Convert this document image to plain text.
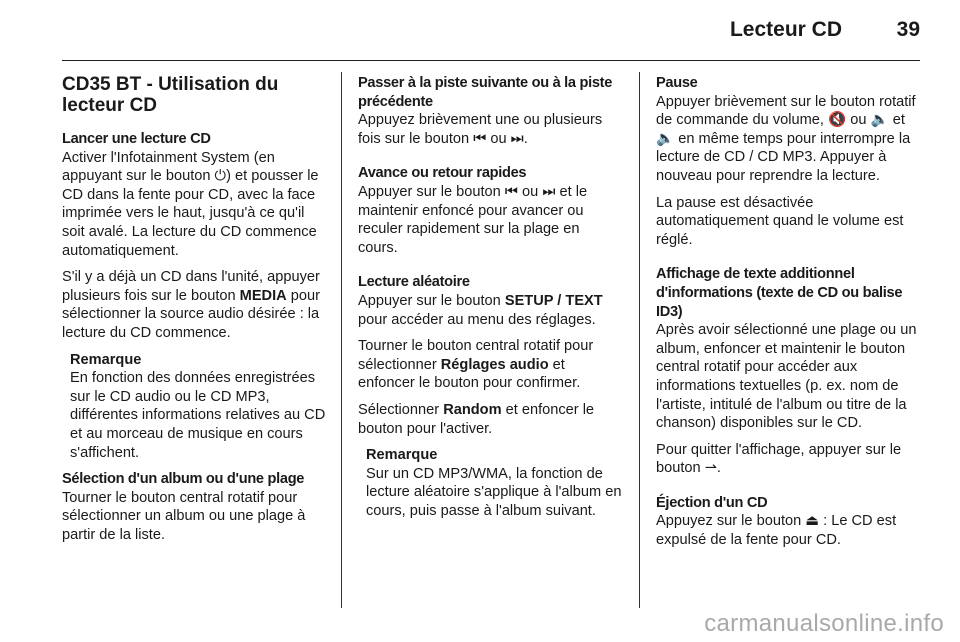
Lecteur CD	39
CD35 BT - Utilisation du lecteur CD
Lancer une lecture CD
Activer l'Infotainment System (en appuyant sur le bouton ⏻) et pousser le CD dans la fente pour CD, avec la face imprimée vers le haut, jusqu'à ce qu'il soit avalé. La lecture du CD commence automatiquement.
S'il y a déjà un CD dans l'unité, appuyer plusieurs fois sur le bouton MEDIA pour sélectionner la source audio désirée : la lecture du CD commence.
Remarque
En fonction des données enregistrées sur le CD audio ou le CD MP3, différentes informations relatives au CD et au morceau de musique en cours s'affichent.
Sélection d'un album ou d'une plage
Tourner le bouton central rotatif pour sélectionner un album ou une plage à partir de la liste.
Passer à la piste suivante ou à la piste précédente
Appuyez brièvement une ou plusieurs fois sur le bouton ⏮ ou ⏭.
Avance ou retour rapides
Appuyer sur le bouton ⏮ ou ⏭ et le maintenir enfoncé pour avancer ou reculer rapidement sur la plage en cours.
Lecture aléatoire
Appuyer sur le bouton SETUP / TEXT pour accéder au menu des réglages.
Tourner le bouton central rotatif pour sélectionner Réglages audio et enfoncer le bouton pour confirmer.
Sélectionner Random et enfoncer le bouton pour l'activer.
Remarque
Sur un CD MP3/WMA, la fonction de lecture aléatoire s'applique à l'album en cours, puis passe à l'album suivant.
Pause
Appuyer brièvement sur le bouton rotatif de commande du volume, 🔇 ou 🔈 et 🔈 en même temps pour interrompre la lecture de CD / CD MP3. Appuyer à nouveau pour reprendre la lecture.
La pause est désactivée automatiquement quand le volume est réglé.
Affichage de texte additionnel d'informations (texte de CD ou balise ID3)
Après avoir sélectionné une plage ou un album, enfoncer et maintenir le bouton central rotatif pour accéder aux informations textuelles (p. ex. nom de l'artiste, intitulé de l'album ou titre de la chanson) disponibles sur le CD.
Pour quitter l'affichage, appuyer sur le bouton ⇀.
Éjection d'un CD
Appuyez sur le bouton ⏏ : Le CD est expulsé de la fente pour CD.
carmanualsonline.info
